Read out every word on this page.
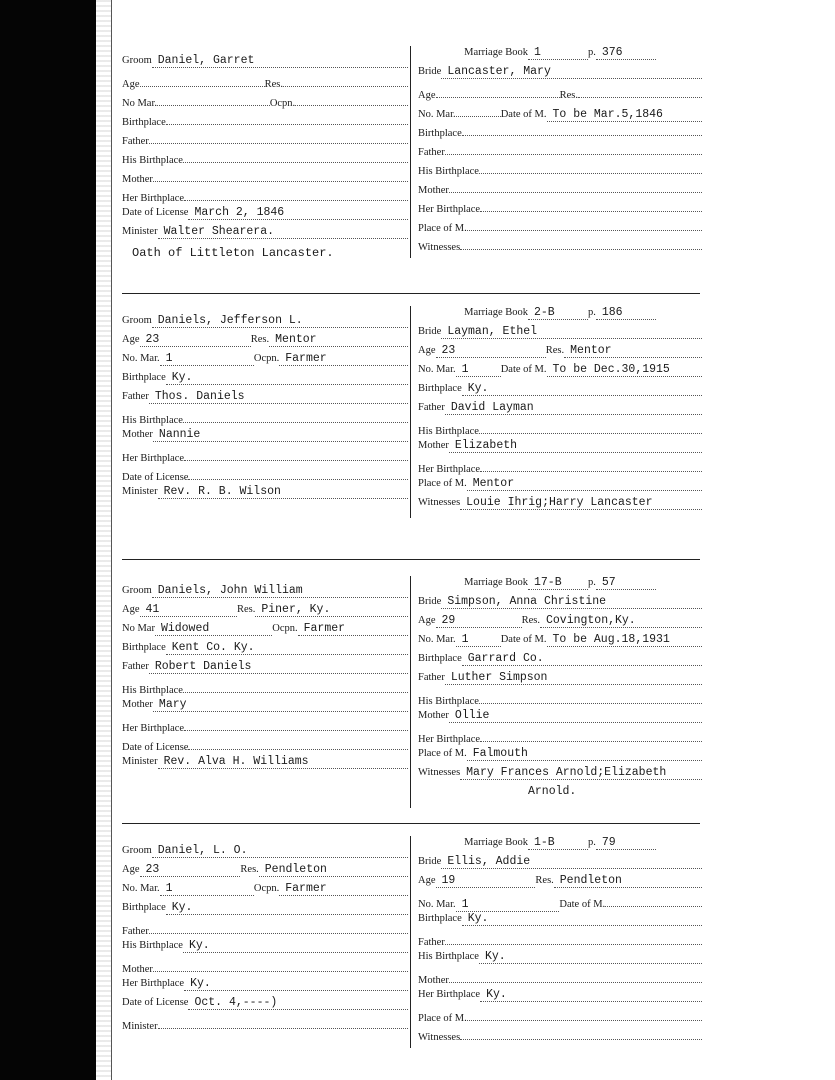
Groom Daniel, Garret
Age	Res.
No Mar.	Ocpn.
Birthplace
Father
His Birthplace
Mother
Her Birthplace
Date of License March 2, 1846
Minister Walter Shearera.
Marriage Book 1	p. 376
Bride Lancaster, Mary
Age	Res.
No. Mar.	Date of M. To be Mar.5,1846
Birthplace
Father
His Birthplace
Mother
Her Birthplace
Place of M.
Witnesses
Oath of Littleton Lancaster.
Groom Daniels, Jefferson L.
Age 23	Res. Mentor
No. Mar. 1	Ocpn. Farmer
Birthplace Ky.
Father Thos. Daniels
His Birthplace
Mother Nannie
Her Birthplace
Date of License
Minister Rev. R. B. Wilson
Marriage Book 2-B	p. 186
Bride Layman, Ethel
Age 23	Res. Mentor
No. Mar. 1	Date of M. To be Dec.30,1915
Birthplace Ky.
Father David Layman
His Birthplace
Mother Elizabeth
Her Birthplace
Place of M. Mentor
Witnesses Louie Ihrig;Harry Lancaster
Groom Daniels, John William
Age 41	Res. Piner, Ky.
No Mar Widowed	Ocpn. Farmer
Birthplace Kent Co. Ky.
Father Robert Daniels
His Birthplace
Mother Mary
Her Birthplace
Date of License
Minister Rev. Alva H. Williams
Marriage Book 17-B	p. 57
Bride Simpson, Anna Christine
Age 29	Res. Covington,Ky.
No. Mar. 1	Date of M. To be Aug.18,1931
Birthplace Garrard Co.
Father Luther Simpson
His Birthplace
Mother Ollie
Her Birthplace
Place of M. Falmouth
Witnesses Mary Frances Arnold;Elizabeth
Arnold.
Groom Daniel, L. O.
Age 23	Res. Pendleton
No. Mar. 1	Ocpn. Farmer
Birthplace Ky.
Father
His Birthplace Ky.
Mother
Her Birthplace Ky.
Date of License Oct. 4,----)
Minister
Marriage Book 1-B	p. 79
Bride Ellis, Addie
Age 19	Res. Pendleton
No. Mar. 1	Date of M.
Birthplace Ky.
Father
His Birthplace Ky.
Mother
Her Birthplace Ky.
Place of M.
Witnesses
